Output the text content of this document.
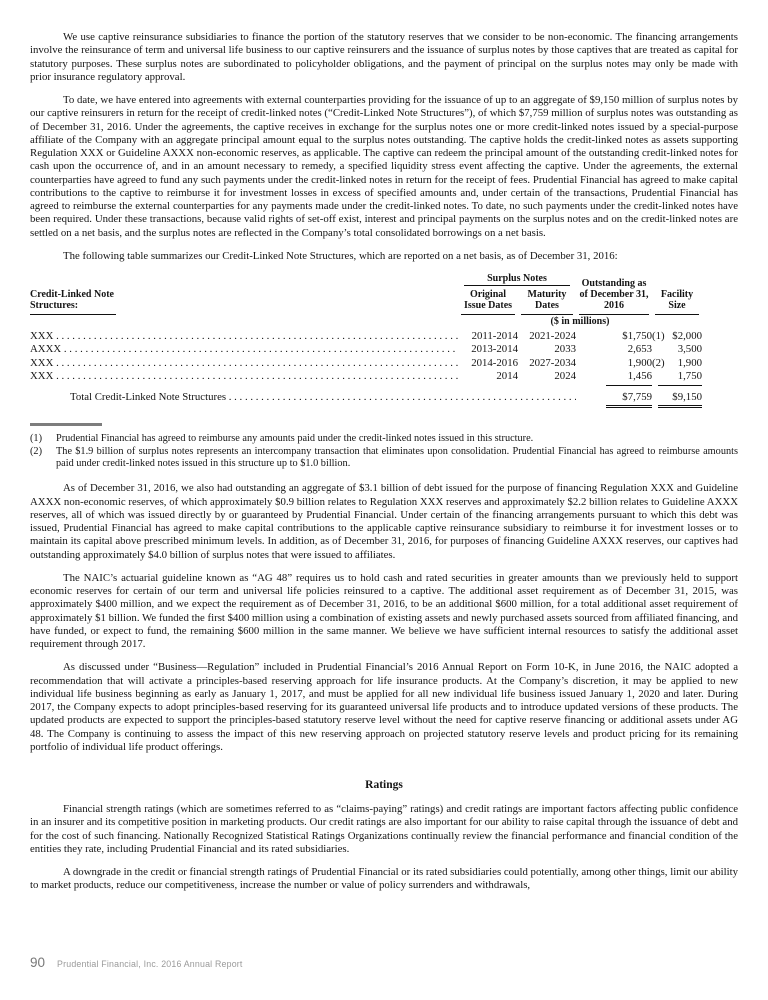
We use captive reinsurance subsidiaries to finance the portion of the statutory reserves that we consider to be non-economic. The financing arrangements involve the reinsurance of term and universal life business to our captive reinsurers and the issuance of surplus notes by those captives that are treated as capital for statutory purposes. These surplus notes are subordinated to policyholder obligations, and the payment of principal on the surplus notes may only be made with prior insurance regulatory approval.

To date, we have entered into agreements with external counterparties providing for the issuance of up to an aggregate of $9,150 million of surplus notes by our captive reinsurers in return for the receipt of credit-linked notes (“Credit-Linked Note Structures”), of which $7,759 million of surplus notes was outstanding as of December 31, 2016. Under the agreements, the captive receives in exchange for the surplus notes one or more credit-linked notes issued by a special-purpose affiliate of the Company with an aggregate principal amount equal to the surplus notes outstanding. The captive holds the credit-linked notes as assets supporting Regulation XXX or Guideline AXXX non-economic reserves, as applicable. The captive can redeem the principal amount of the outstanding credit-linked notes for cash upon the occurrence of, and in an amount necessary to remedy, a specified liquidity stress event affecting the captive. Under the agreements, the external counterparties have agreed to fund any such payments under the credit-linked notes in return for the receipt of fees. Prudential Financial has agreed to make capital contributions to the captive to reimburse it for investment losses in excess of specified amounts and, under certain of the transactions, Prudential Financial has agreed to reimburse the external counterparties for any payments made under the credit-linked notes. To date, no such payments under the credit-linked notes have been required. Under these transactions, because valid rights of set-off exist, interest and principal payments on the surplus notes and on the credit-linked notes are settled on a net basis, and the surplus notes are reflected in the Company’s total consolidated borrowings on a net basis.

The following table summarizes our Credit-Linked Note Structures, which are reported on a net basis, as of December 31, 2016:

Credit-Linked Note Structures:
Surplus Notes
Original Issue Dates
Maturity Dates
Outstanding as of December 31, 2016
Facility Size
($ in millions)
XXX . . .	2011-2014	2021-2024	$1,750(1) $2,000
AXXX . . .	2013-2014	2033	2,653	3,500
XXX . . .	2014-2016	2027-2034	1,900(2)	1,900
XXX . . .	2014	2024	1,456	1,750
Total Credit-Linked Note Structures . . .	$7,759	$9,150
(1)	Prudential Financial has agreed to reimburse any amounts paid under the credit-linked notes issued in this structure.
(2)	The $1.9 billion of surplus notes represents an intercompany transaction that eliminates upon consolidation. Prudential Financial has agreed to reimburse amounts paid under credit-linked notes issued in this structure up to $1.0 billion.

As of December 31, 2016, we also had outstanding an aggregate of $3.1 billion of debt issued for the purpose of financing Regulation XXX and Guideline AXXX non-economic reserves, of which approximately $0.9 billion relates to Regulation XXX reserves and approximately $2.2 billion relates to Guideline AXXX reserves, all of which was issued directly by or guaranteed by Prudential Financial. Under certain of the financing arrangements pursuant to which this debt was issued, Prudential Financial has agreed to make capital contributions to the applicable captive reinsurance subsidiary to reimburse it for investment losses or to maintain its capital above prescribed minimum levels. In addition, as of December 31, 2016, for purposes of financing Guideline AXXX reserves, our captives had outstanding approximately $4.0 billion of surplus notes that were issued to affiliates.

The NAIC’s actuarial guideline known as “AG 48” requires us to hold cash and rated securities in greater amounts than we previously held to support economic reserves for certain of our term and universal life policies reinsured to a captive. The additional asset requirement as of December 31, 2015, was approximately $400 million, and we expect the requirement as of December 31, 2016, to be an additional $600 million, for a total additional asset requirement of approximately $1 billion. We funded the first $400 million using a combination of existing assets and newly purchased assets sourced from affiliated financing, and have funded, or expect to fund, the remaining $600 million in the same manner. We believe we have sufficient internal resources to satisfy the additional asset requirement through 2017.

As discussed under “Business—Regulation” included in Prudential Financial’s 2016 Annual Report on Form 10-K, in June 2016, the NAIC adopted a recommendation that will activate a principles-based reserving approach for life insurance products. At the Company’s discretion, it may be applied to new individual life business beginning as early as January 1, 2017, and must be applied for all new individual life business issued January 1, 2020 and later. During 2017, the Company expects to adopt principles-based reserving for its guaranteed universal life products and to introduce updated versions of these products. The updated products are expected to support the principles-based statutory reserve level without the need for captive reserve financing or additional assets under AG 48. The Company is continuing to assess the impact of this new reserving approach on projected statutory reserve levels and product pricing for its remaining portfolio of individual life product offerings.

Ratings

Financial strength ratings (which are sometimes referred to as “claims-paying” ratings) and credit ratings are important factors affecting public confidence in an insurer and its competitive position in marketing products. Our credit ratings are also important for our ability to raise capital through the issuance of debt and for the cost of such financing. Nationally Recognized Statistical Ratings Organizations continually review the financial performance and financial condition of the entities they rate, including Prudential Financial and its rated subsidiaries.

A downgrade in the credit or financial strength ratings of Prudential Financial or its rated subsidiaries could potentially, among other things, limit our ability to market products, reduce our competitiveness, increase the number or value of policy surrenders and withdrawals,

90 Prudential Financial, Inc. 2016 Annual Report
